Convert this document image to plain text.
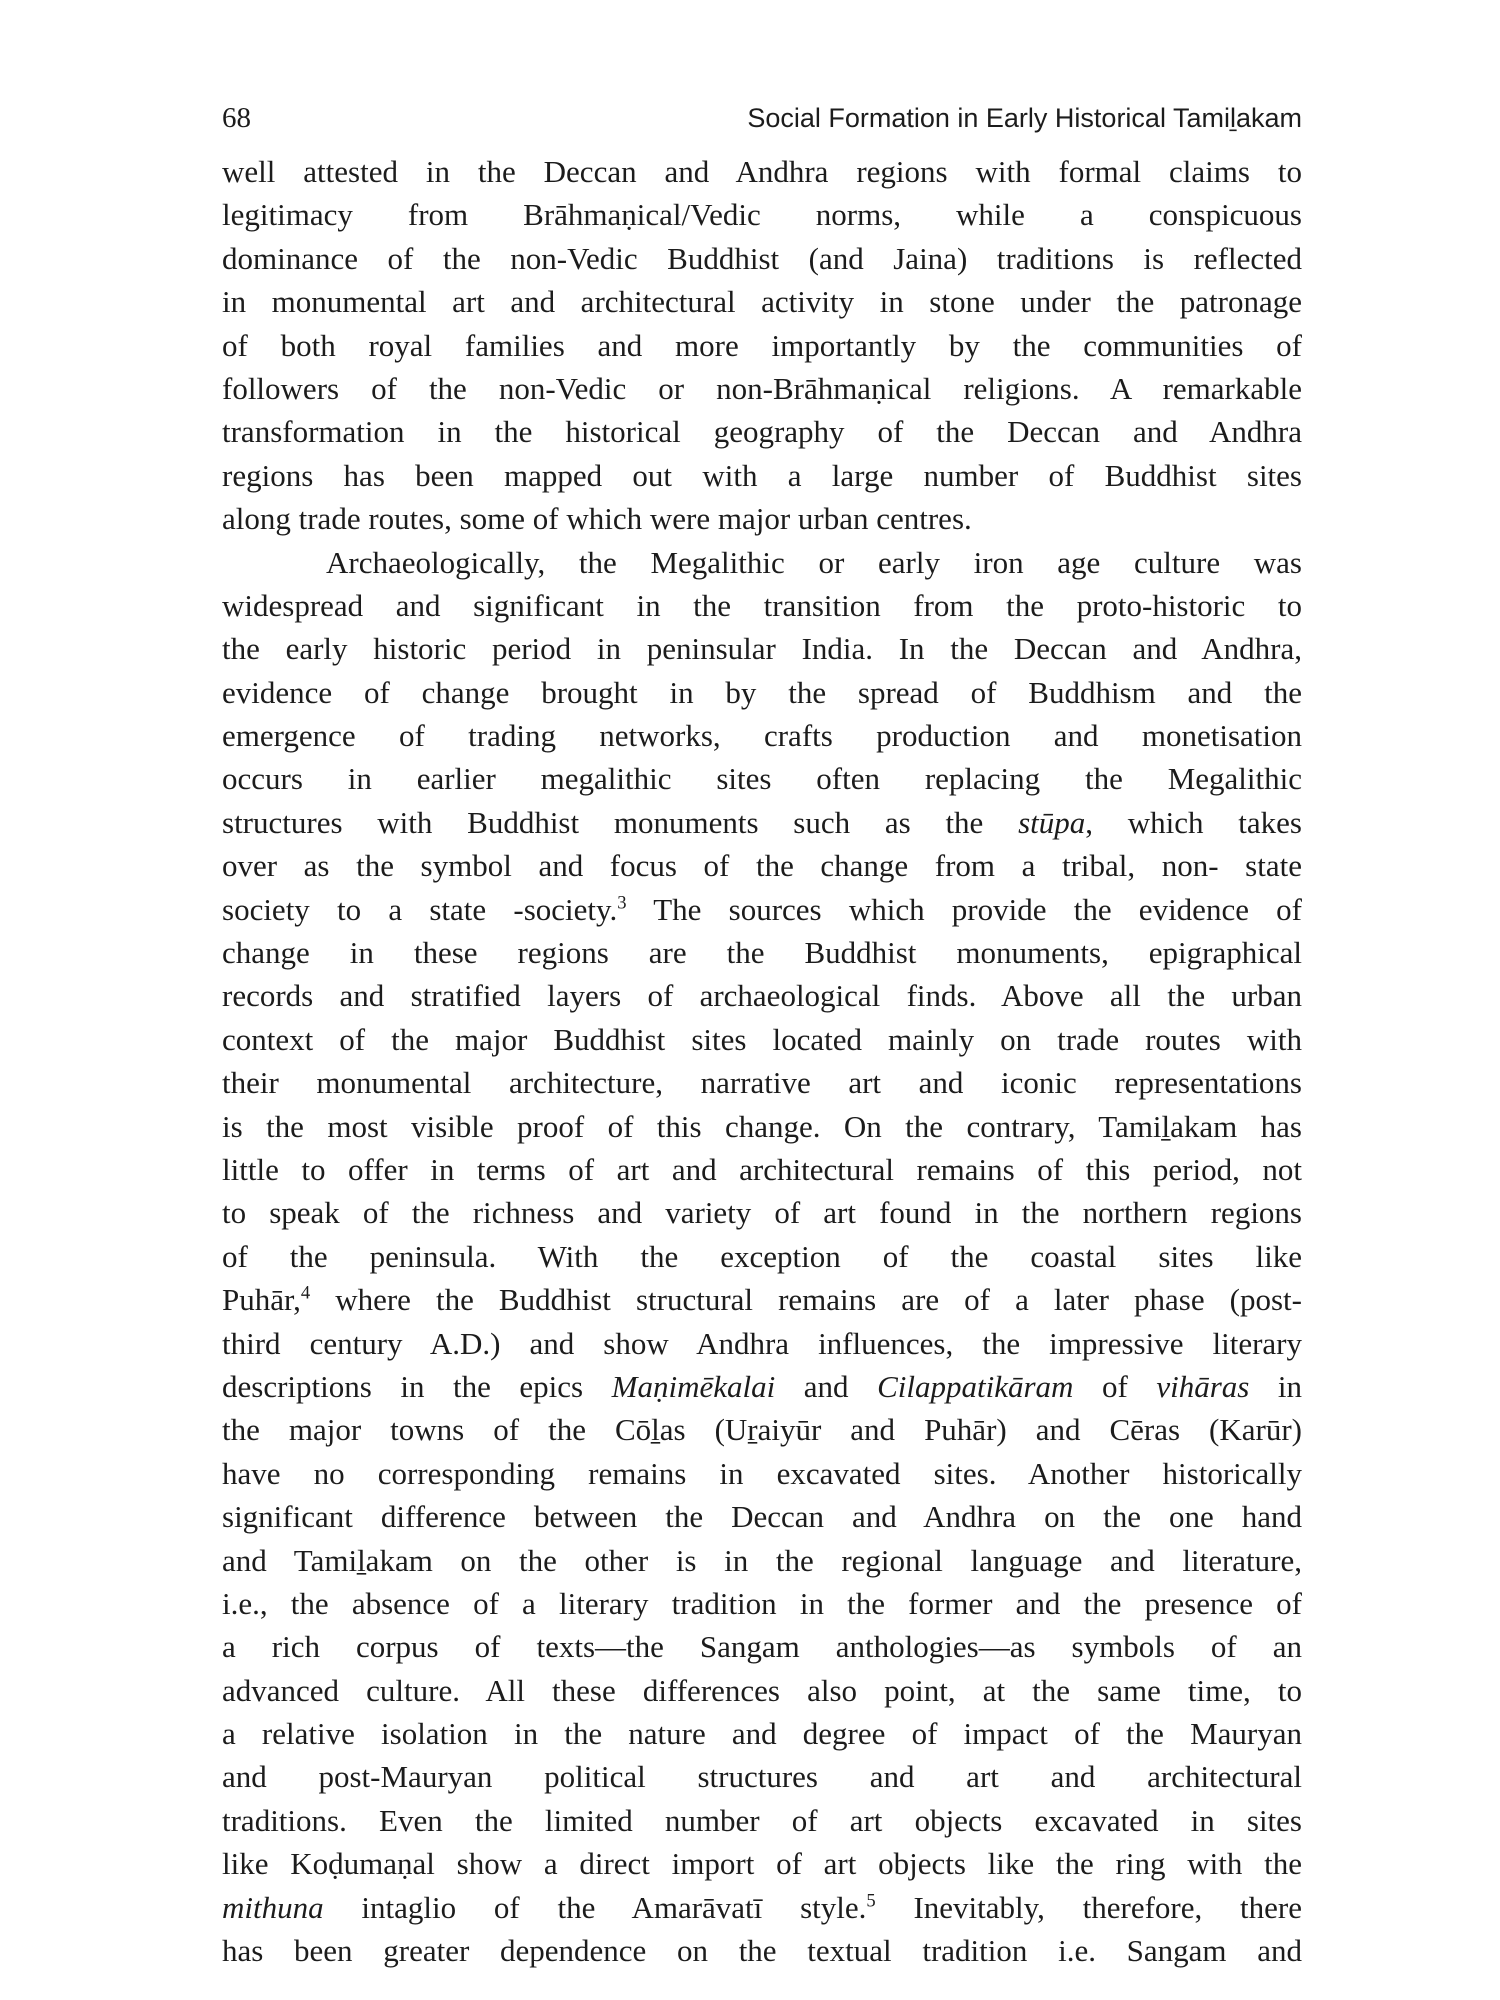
68	Social Formation in Early Historical Tamiḻakam
well attested in the Deccan and Andhra regions with formal claims to
legitimacy from Brāhmaṇical/Vedic norms, while a conspicuous
dominance of the non-Vedic Buddhist (and Jaina) traditions is reflected
in monumental art and architectural activity in stone under the patronage
of both royal families and more importantly by the communities of
followers of the non-Vedic or non-Brāhmaṇical religions. A remarkable
transformation in the historical geography of the Deccan and Andhra
regions has been mapped out with a large number of Buddhist sites
along trade routes, some of which were major urban centres.
Archaeologically, the Megalithic or early iron age culture was
widespread and significant in the transition from the proto-historic to
the early historic period in peninsular India. In the Deccan and Andhra,
evidence of change brought in by the spread of Buddhism and the
emergence of trading networks, crafts production and monetisation
occurs in earlier megalithic sites often replacing the Megalithic
structures with Buddhist monuments such as the stūpa, which takes
over as the symbol and focus of the change from a tribal, non- state
society to a state -society.$^3$ The sources which provide the evidence of
change in these regions are the Buddhist monuments, epigraphical
records and stratified layers of archaeological finds. Above all the urban
context of the major Buddhist sites located mainly on trade routes with
their monumental architecture, narrative art and iconic representations
is the most visible proof of this change. On the contrary, Tamiḻakam has
little to offer in terms of art and architectural remains of this period, not
to speak of the richness and variety of art found in the northern regions
of the peninsula. With the exception of the coastal sites like
Puhār,$^4$ where the Buddhist structural remains are of a later phase (post-
third century A.D.) and show Andhra influences, the impressive literary
descriptions in the epics Maṇimēkalai and Cilappatikāram of vihāras in
the major towns of the Cōḻas (Uṟaiyūr and Puhār) and Cēras (Karūr)
have no corresponding remains in excavated sites. Another historically
significant difference between the Deccan and Andhra on the one hand
and Tamiḻakam on the other is in the regional language and literature,
i.e., the absence of a literary tradition in the former and the presence of
a rich corpus of texts—the Sangam anthologies—as symbols of an
advanced culture. All these differences also point, at the same time, to
a relative isolation in the nature and degree of impact of the Mauryan
and post-Mauryan political structures and art and architectural
traditions. Even the limited number of art objects excavated in sites
like Koḍumaṇal show a direct import of art objects like the ring with the
mithuna intaglio of the Amarāvatī style.$^5$ Inevitably, therefore, there
has been greater dependence on the textual tradition i.e. Sangam and
